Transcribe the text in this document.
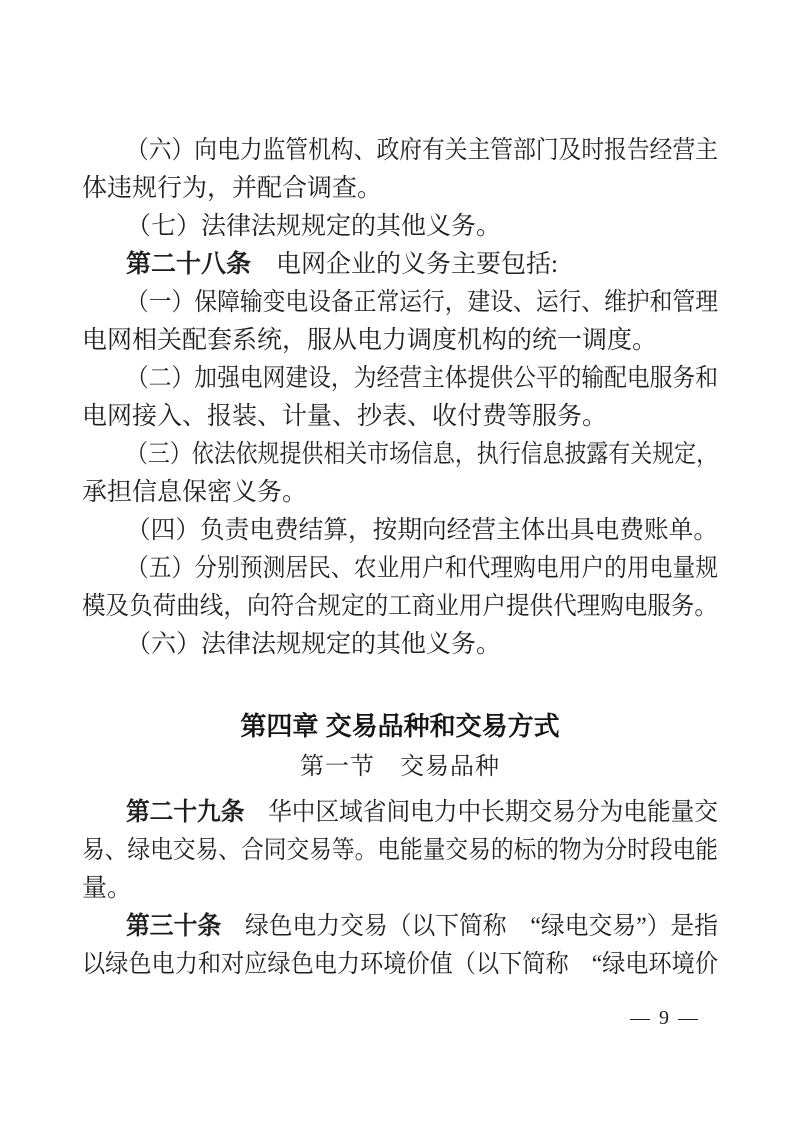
（六）向电力监管机构、政府有关主管部门及时报告经营主
体违规行为，并配合调查。
（七）法律法规规定的其他义务。
第二十八条　电网企业的义务主要包括:
（一）保障输变电设备正常运行，建设、运行、维护和管理
电网相关配套系统，服从电力调度机构的统一调度。
（二）加强电网建设，为经营主体提供公平的输配电服务和
电网接入、报装、计量、抄表、收付费等服务。
（三）依法依规提供相关市场信息，执行信息披露有关规定，
承担信息保密义务。
（四）负责电费结算，按期向经营主体出具电费账单。
（五）分别预测居民、农业用户和代理购电用户的用电量规
模及负荷曲线，向符合规定的工商业用户提供代理购电服务。
（六）法律法规规定的其他义务。
第四章 交易品种和交易方式
第一节　交易品种
第二十九条　华中区域省间电力中长期交易分为电能量交
易、绿电交易、合同交易等。电能量交易的标的物为分时段电能
量。
第三十条　绿色电力交易（以下简称　“绿电交易”）是指
以绿色电力和对应绿色电力环境价值（以下简称　“绿电环境价
— 9 —
